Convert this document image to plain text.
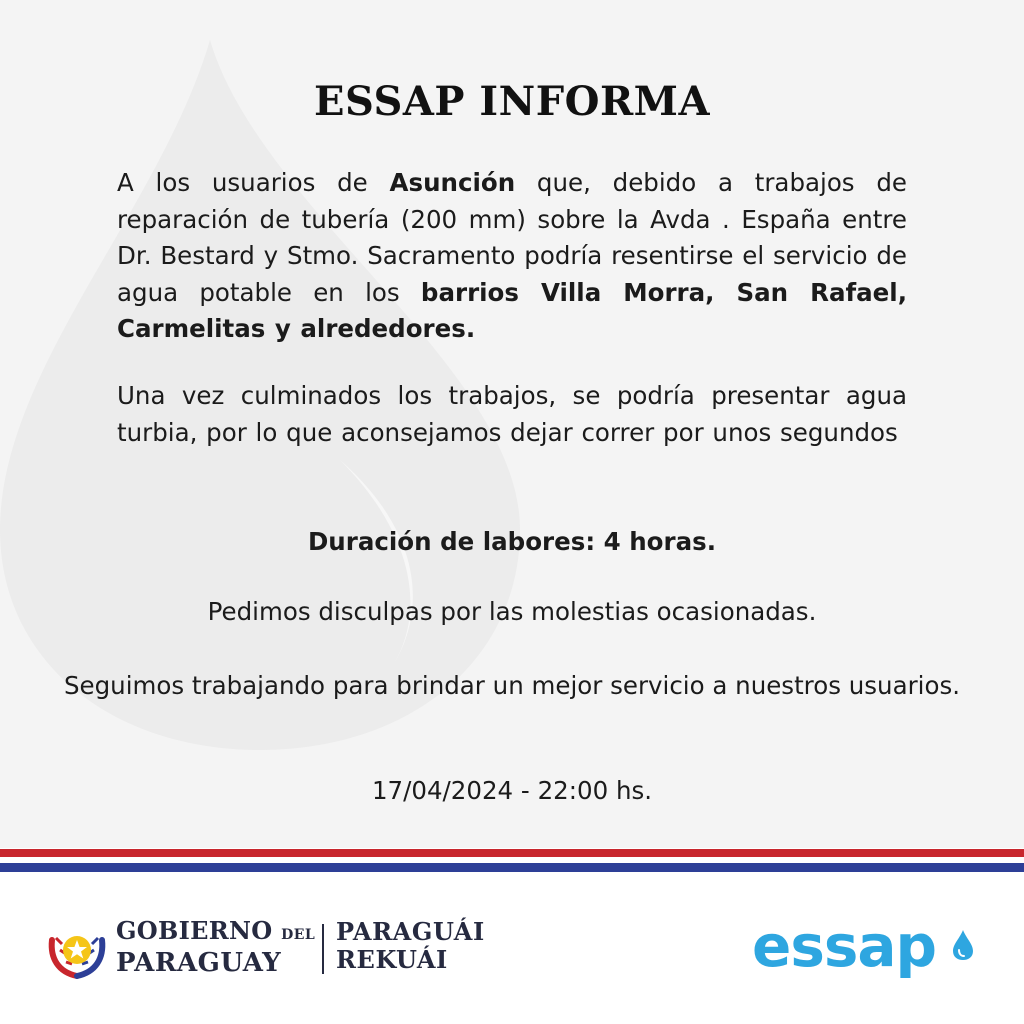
ESSAP INFORMA
A los usuarios de Asunción que, debido a trabajos de reparación de tubería (200 mm) sobre la Avda . España entre Dr. Bestard y Stmo. Sacramento podría resentirse el servicio de agua potable en los barrios Villa Morra, San Rafael, Carmelitas y alrededores.
Una vez culminados los trabajos, se podría presentar agua turbia, por lo que aconsejamos dejar correr por unos segundos
Duración de labores: 4 horas.
Pedimos disculpas por las molestias ocasionadas.
Seguimos trabajando para brindar un mejor servicio a nuestros usuarios.
17/04/2024 - 22:00 hs.
GOBIERNO DEL
PARAGUAY
PARAGUÁI
REKUÁI	essap
